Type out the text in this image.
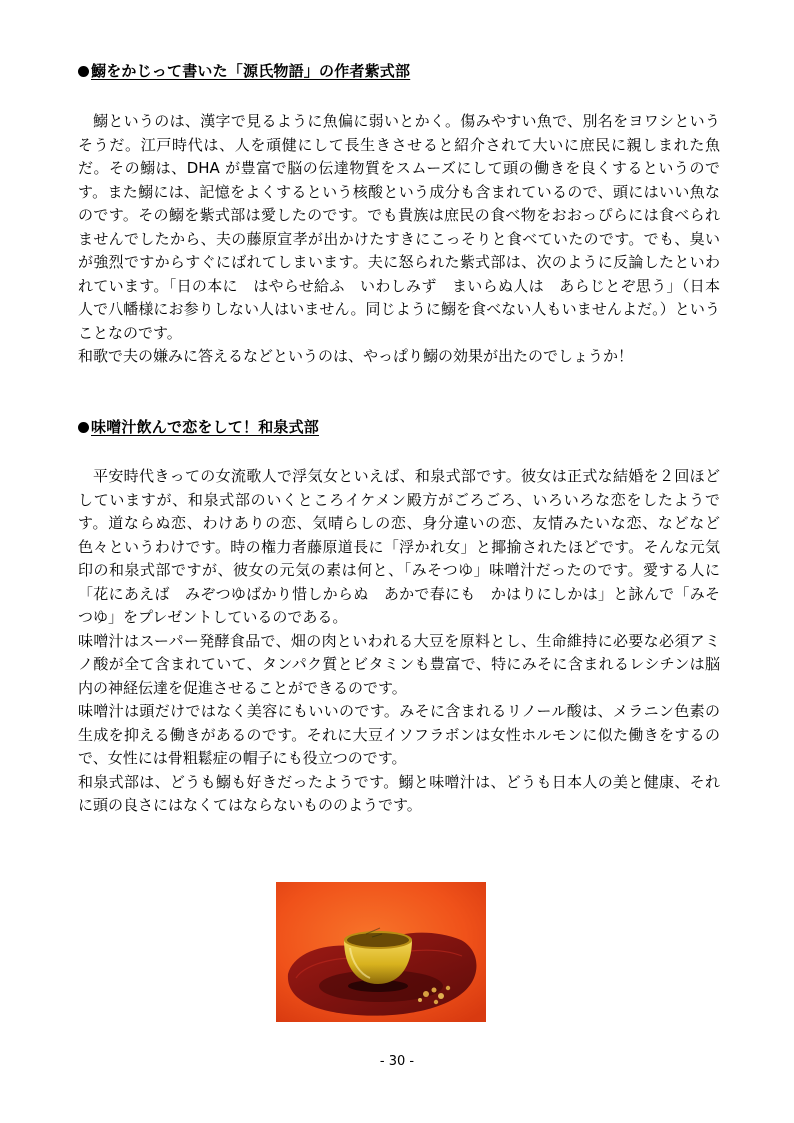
鰯をかじって書いた「源氏物語」の作者紫式部

鰯というのは、漢字で見るように魚偏に弱いとかく。傷みやすい魚で、別名をヨワシというそうだ。江戸時代は、人を頑健にして長生きさせると紹介されて大いに庶民に親しまれた魚だ。その鰯は、DHA が豊富で脳の伝達物質をスムーズにして頭の働きを良くするというのです。また鰯には、記憶をよくするという核酸という成分も含まれているので、頭にはいい魚なのです。その鰯を紫式部は愛したのです。でも貴族は庶民の食べ物をおおっぴらには食べられませんでしたから、夫の藤原宣孝が出かけたすきにこっそりと食べていたのです。でも、臭いが強烈ですからすぐにばれてしまいます。夫に怒られた紫式部は、次のように反論したといわれています。「日の本に　はやらせ給ふ　いわしみず　まいらぬ人は　あらじとぞ思う」（日本人で八幡様にお参りしない人はいません。同じように鰯を食べない人もいませんよだ。）ということなのです。

和歌で夫の嫌みに答えるなどというのは、やっぱり鰯の効果が出たのでしょうか！

味噌汁飲んで恋をして！和泉式部

平安時代きっての女流歌人で浮気女といえば、和泉式部です。彼女は正式な結婚を２回ほどしていますが、和泉式部のいくところイケメン殿方がごろごろ、いろいろな恋をしたようです。道ならぬ恋、わけありの恋、気晴らしの恋、身分違いの恋、友情みたいな恋、などなど色々というわけです。時の権力者藤原道長に「浮かれ女」と揶揄されたほどです。そんな元気印の和泉式部ですが、彼女の元気の素は何と、「みそつゆ」味噌汁だったのです。愛する人に「花にあえば　みぞつゆばかり惜しからぬ　あかで春にも　かはりにしかは」と詠んで「みそつゆ」をプレゼントしているのである。

味噌汁はスーパー発酵食品で、畑の肉といわれる大豆を原料とし、生命維持に必要な必須アミノ酸が全て含まれていて、タンパク質とビタミンも豊富で、特にみそに含まれるレシチンは脳内の神経伝達を促進させることができるのです。

味噌汁は頭だけではなく美容にもいいのです。みそに含まれるリノール酸は、メラニン色素の生成を抑える働きがあるのです。それに大豆イソフラボンは女性ホルモンに似た働きをするので、女性には骨粗鬆症の帽子にも役立つのです。

和泉式部は、どうも鰯も好きだったようです。鰯と味噌汁は、どうも日本人の美と健康、それに頭の良さにはなくてはならないもののようです。

- 30 -
